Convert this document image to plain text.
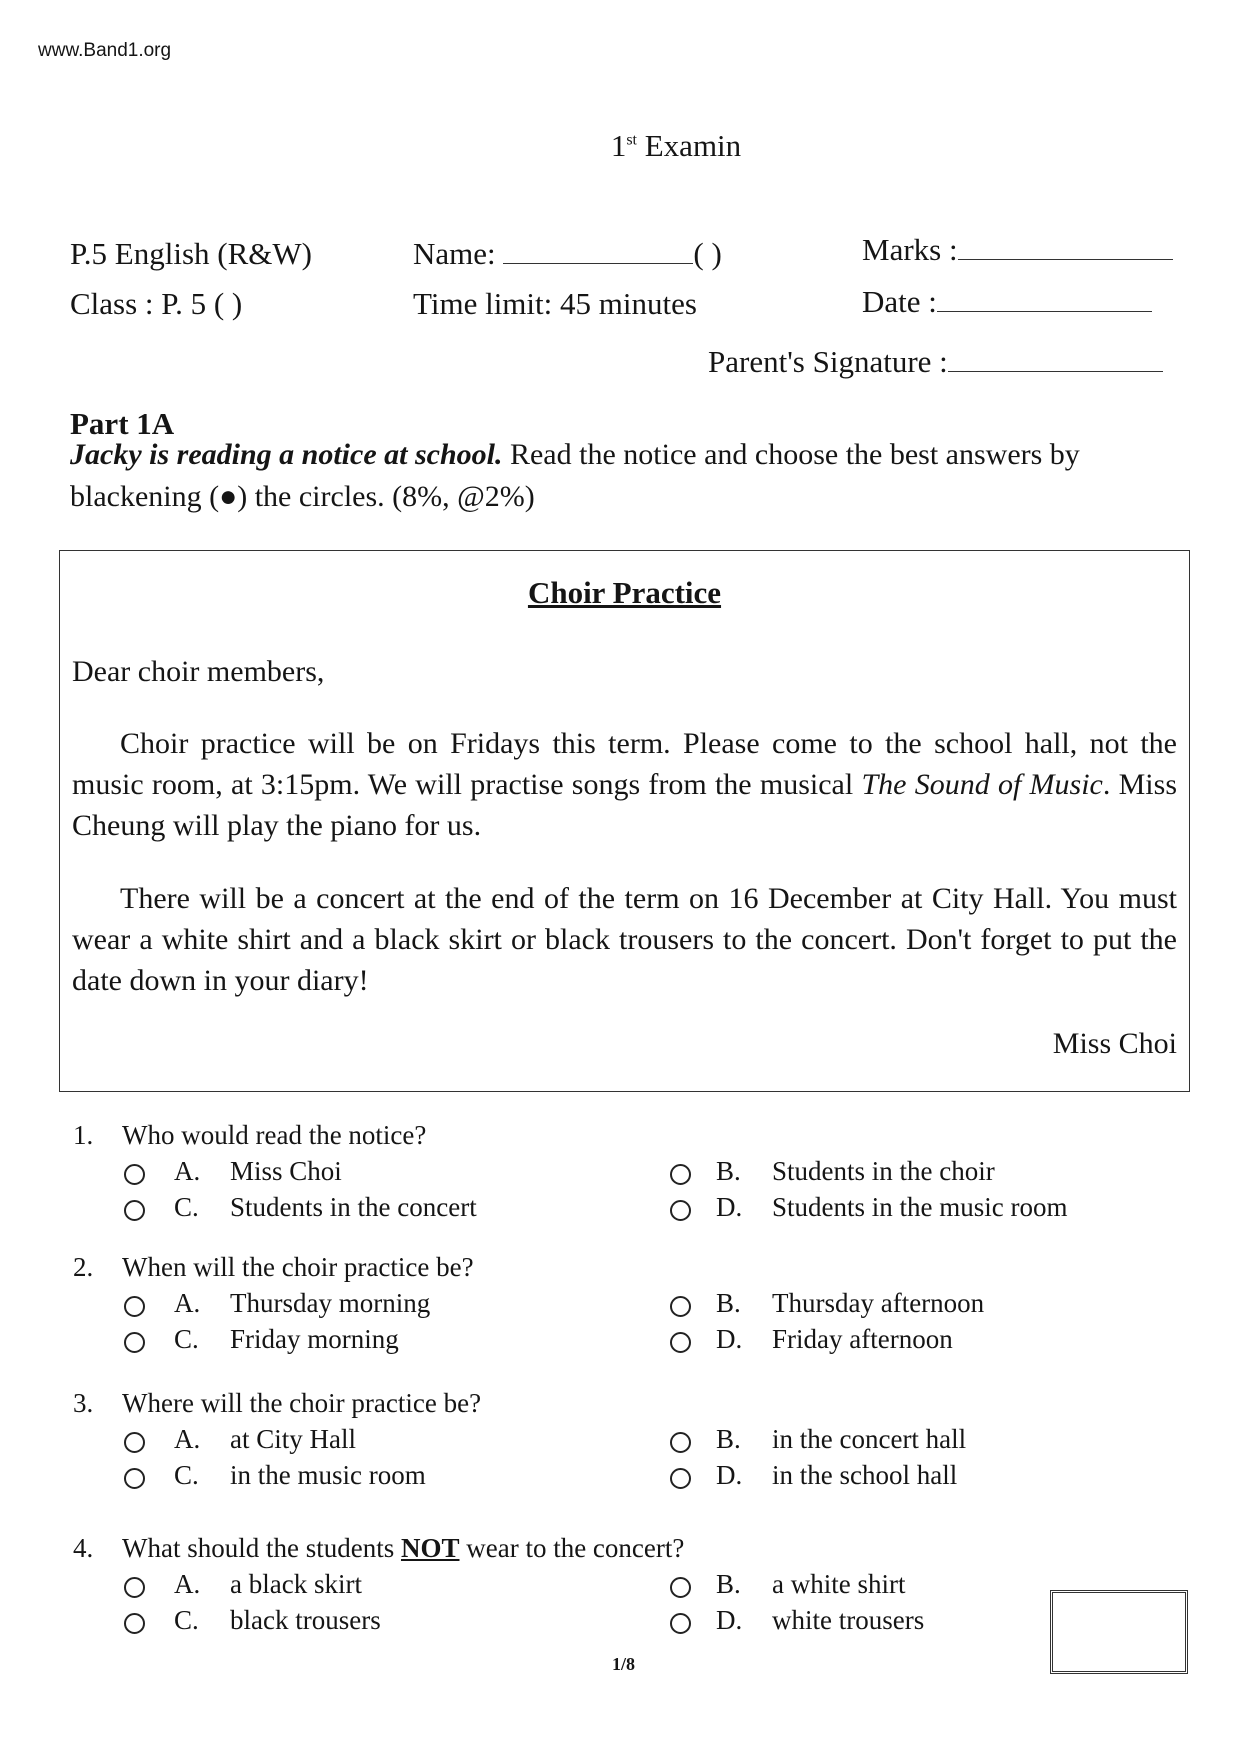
www.Band1.org
1st Examin
P.5 English (R&W)
Class : P. 5 ( )
Name:	( )
Time limit: 45 minutes
Marks :
Date :
Parent's Signature :
Part 1A
Jacky is reading a notice at school. Read the notice and choose the best answers by
blackening (●) the circles. (8%, @2%)
Choir Practice
Dear choir members,
Choir practice will be on Fridays this term. Please come to the school hall, not the music room, at 3:15pm. We will practise songs from the musical The Sound of Music. Miss Cheung will play the piano for us.
There will be a concert at the end of the term on 16 December at City Hall. You must wear a white shirt and a black skirt or black trousers to the concert. Don't forget to put the date down in your diary!
Miss Choi
1. Who would read the notice?
A. Miss Choi	B. Students in the choir
C. Students in the concert	D. Students in the music room
2. When will the choir practice be?
A. Thursday morning	B. Thursday afternoon
C. Friday morning	D. Friday afternoon
3. Where will the choir practice be?
A. at City Hall	B. in the concert hall
C. in the music room	D. in the school hall
4. What should the students NOT wear to the concert?
A. a black skirt	B. a white shirt
C. black trousers	D. white trousers
1/8
